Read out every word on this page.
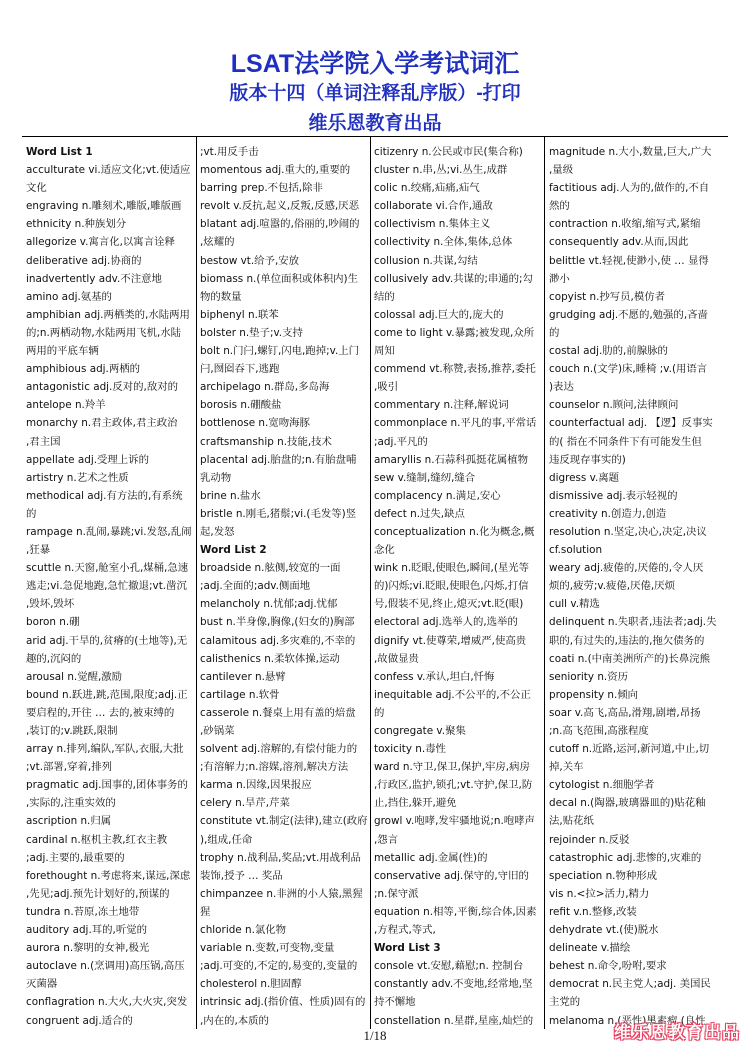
LSAT法学院入学考试词汇
版本十四（单词注释乱序版）-打印
维乐恩教育出品
Word List 1
acculturate vi.适应文化;vt.使适应
文化
engraving n.雕刻术,雕版,雕版画
ethnicity n.种族划分
allegorize v.寓言化,以寓言诠释
deliberative adj.协商的
inadvertently adv.不注意地
amino adj.氨基的
amphibian adj.两栖类的,水陆两用
的;n.两栖动物,水陆两用飞机,水陆
两用的平底车辆
amphibious adj.两栖的
antagonistic adj.反对的,敌对的
antelope n.羚羊
monarchy n.君主政体,君主政治
,君主国
appellate adj.受理上诉的
artistry n.艺术之性质
methodical adj.有方法的,有系统
的
rampage n.乱闹,暴跳;vi.发怒,乱闹
,狂暴
scuttle n.天窗,舱室小孔,煤桶,急速
逃走;vi.急促地跑,急忙撤退;vt.凿沉
,毁坏,毁坏
boron n.硼
arid adj.干旱的,贫瘠的(土地等),无
趣的,沉闷的
arousal n.觉醒,激励
bound n.跃进,跳,范围,限度;adj.正
要启程的,开往 … 去的,被束缚的
,装订的;v.跳跃,限制
array n.排列,编队,军队,衣服,大批
;vt.部署,穿着,排列
pragmatic adj.国事的,团体事务的
,实际的,注重实效的
ascription n.归属
cardinal n.枢机主教,红衣主教
;adj.主要的,最重要的
forethought n.考虑将来,谋远,深虑
,先见;adj.预先计划好的,预谋的
tundra n.苔原,冻土地带
auditory adj.耳的,听觉的
aurora n.黎明的女神,极光
autoclave n.(烹调用)高压锅,高压
灭菌器
conflagration n.大火,大火灾,突发
congruent adj.适合的
;vt.用反手击
momentous adj.重大的,重要的
barring prep.不包括,除非
revolt v.反抗,起义,反叛,反感,厌恶
blatant adj.喧嚣的,俗丽的,吵闹的
,炫耀的
bestow vt.给予,安放
biomass n.(单位面积或体积内)生
物的数量
biphenyl n.联苯
bolster n.垫子;v.支持
bolt n.门闩,螺钉,闪电,跑掉;v.上门
闩,囫囵吞下,逃跑
archipelago n.群岛,多岛海
borosis n.硼酸盐
bottlenose n.宽吻海豚
craftsmanship n.技能,技术
placental adj.胎盘的;n.有胎盘哺
乳动物
brine n.盐水
bristle n.刚毛,猪鬃;vi.(毛发等)竖
起,发怒
Word List 2
broadside n.舷侧,较宽的一面
;adj.全面的;adv.侧面地
melancholy n.忧郁;adj.忧郁
bust n.半身像,胸像,(妇女的)胸部
calamitous adj.多灾难的,不幸的
calisthenics n.柔软体操,运动
cantilever n.悬臂
cartilage n.软骨
casserole n.餐桌上用有盖的焙盘
,砂锅菜
solvent adj.溶解的,有偿付能力的
;有溶解力;n.溶媒,溶剂,解决方法
karma n.因缘,因果报应
celery n.旱芹,芹菜
constitute vt.制定(法律),建立(政府
),组成,任命
trophy n.战利品,奖品;vt.用战利品
装饰,授予 … 奖品
chimpanzee n.非洲的小人猿,黑猩
猩
chloride n.氯化物
variable n.变数,可变物,变量
;adj.可变的,不定的,易变的,变量的
cholesterol n.胆固醇
intrinsic adj.(指价值、性质)固有的
,内在的,本质的
citizenry n.公民或市民(集合称)
cluster n.串,丛;vi.丛生,成群
colic n.绞痛,疝痛,疝气
collaborate vi.合作,通敌
collectivism n.集体主义
collectivity n.全体,集体,总体
collusion n.共谋,勾结
collusively adv.共谋的;串通的;勾
结的
colossal adj.巨大的,庞大的
come to light v.暴露;被发现,众所
周知
commend vt.称赞,表扬,推荐,委托
,吸引
commentary n.注释,解说词
commonplace n.平凡的事,平常话
;adj.平凡的
amaryllis n.石蒜科孤挺花属植物
sew v.缝制,缝纫,缝合
complacency n.满足,安心
defect n.过失,缺点
conceptualization n.化为概念,概
念化
wink n.眨眼,使眼色,瞬间,(星光等
的)闪烁;vi.眨眼,使眼色,闪烁,打信
号,假装不见,终止,熄灭;vt.眨(眼)
electoral adj.选举人的,选举的
dignify vt.使尊荣,增威严,使高贵
,故做显贵
confess v.承认,坦白,忏悔
inequitable adj.不公平的,不公正
的
congregate v.聚集
toxicity n.毒性
ward n.守卫,保卫,保护,牢房,病房
,行政区,监护,锁孔;vt.守护,保卫,防
止,挡住,躲开,避免
growl v.咆哮,发牢骚地说;n.咆哮声
,怨言
metallic adj.金属(性)的
conservative adj.保守的,守旧的
;n.保守派
equation n.相等,平衡,综合体,因素
,方程式,等式,
Word List 3
console vt.安慰,藉慰;n. 控制台
constantly adv.不变地,经常地,坚
持不懈地
constellation n.星群,星座,灿烂的
magnitude n.大小,数量,巨大,广大
,量级
factitious adj.人为的,做作的,不自
然的
contraction n.收缩,缩写式,紧缩
consequently adv.从而,因此
belittle vt.轻视,使渺小,使 … 显得
渺小
copyist n.抄写员,模仿者
grudging adj.不愿的,勉强的,吝啬
的
costal adj.肋的,前腺脉的
couch n.(文学)床,睡椅 ;v.(用语言
)表达
counselor n.顾问,法律顾问
counterfactual adj. 【逻】反事实
的( 指在不同条件下有可能发生但
违反现存事实的)
digress v.离题
dismissive adj.表示轻视的
creativity n.创造力,创造
resolution n.坚定,决心,决定,决议
cf.solution
weary adj.疲倦的,厌倦的,令人厌
烦的,疲劳;v.疲倦,厌倦,厌烦
cull v.精选
delinquent n.失职者,违法者;adj.失
职的,有过失的,违法的,拖欠债务的
coati n.(中南美洲所产的)长鼻浣熊
seniority n.资历
propensity n.倾向
soar v.高飞,高品,滑翔,剧增,昂扬
;n.高飞范围,高涨程度
cutoff n.近路,运河,新河道,中止,切
掉,关车
cytologist n.细胞学者
decal n.(陶器,玻璃器皿的)贴花釉
法,贴花纸
rejoinder n.反驳
catastrophic adj.悲惨的,灾难的
speciation n.物种形成
vis n.<拉>活力,精力
refit v.n.整修,改装
dehydrate vt.(使)脱水
delineate v.描绘
behest n.命令,吩咐,要求
democrat n.民主党人;adj. 美国民
主党的
melanoma n.(恶性)黑素瘤,(良性
1/18	维乐恩教育出品
